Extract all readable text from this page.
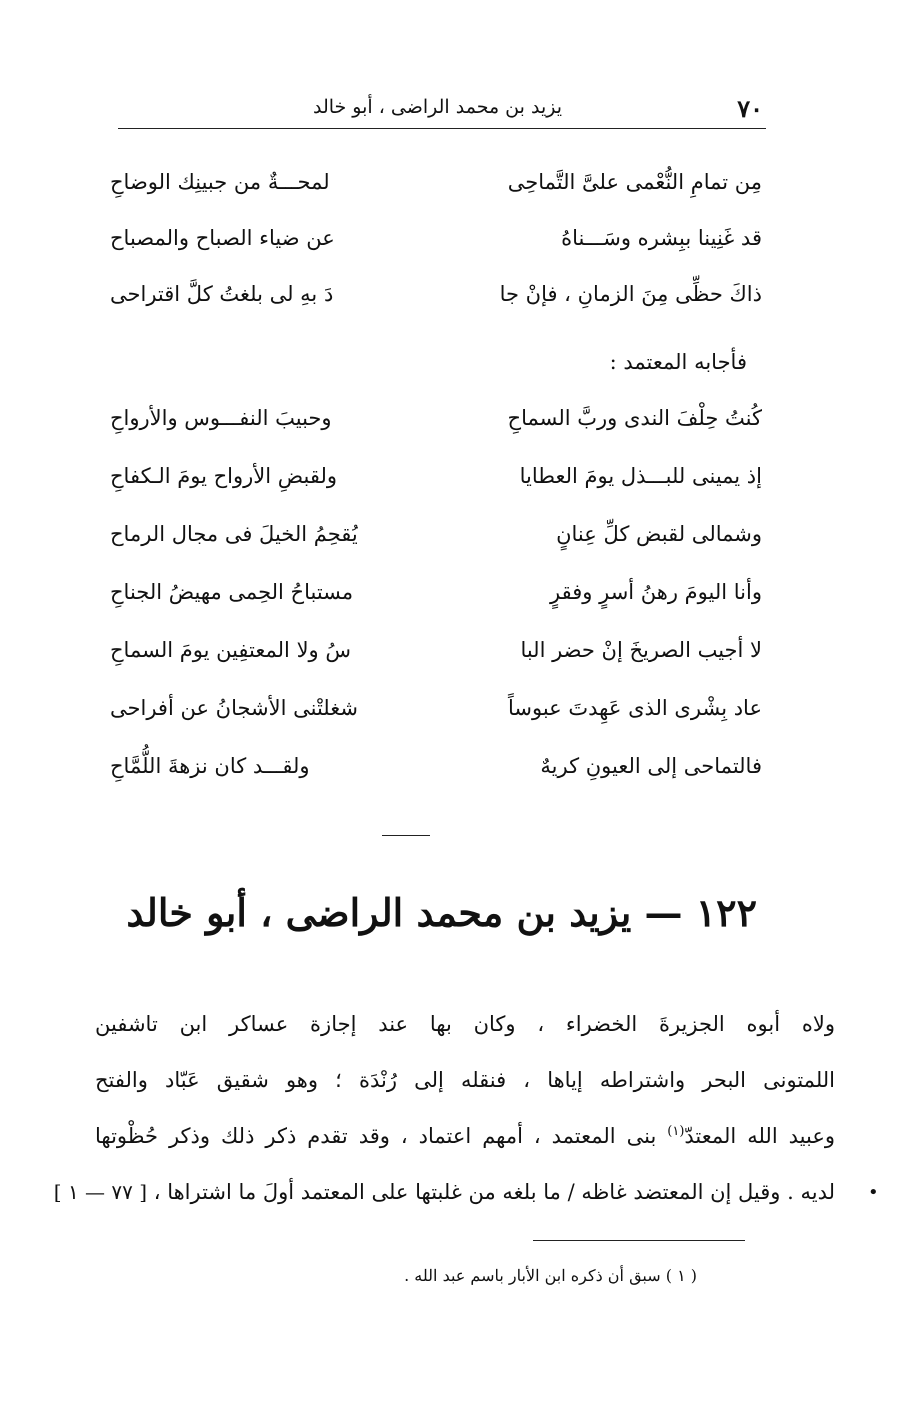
٧٠
يزيد بن محمد الراضى ، أبو خالد
مِن تمامِ النُّعْمى علىَّ التَّماحِى
لمحـــةٌ من جبينِك الوضاحِ
قد غَنِينا ببِشره وسَـــناهُ
عن ضياء الصباح والمصباح
ذاكَ حظِّى مِنَ الزمانِ ، فإنْ جا
دَ بهِ لى بلغتُ كلَّ اقتراحى
فأجابه المعتمد :
كُنتُ حِلْفَ الندى وربَّ السماحِ
وحبيبَ النفـــوس والأرواحِ
إذ يمينى للبـــذل يومَ العطايا
ولقبضِ الأرواح يومَ الـكفاحِ
وشمالى لقبض كلِّ عِنانٍ
يُقحِمُ الخيلَ فى مجال الرماح
وأنا اليومَ رهنُ أسرٍ وفقرٍ
مستباحُ الحِمى مهيضُ الجناحِ
لا أجيب الصريخَ إنْ حضر البا
سُ ولا المعتفِين يومَ السماحِ
عاد بِشْرى الذى عَهِدتَ عبوساً
شغلتْنى الأشجانُ عن أفراحى
فالتماحى إلى العيونِ كريهٌ
ولقـــد كان نزهةَ اللُّمَّاحِ
١٢٢ — يزيد بن محمد الراضى ، أبو خالد
ولاه أبوه الجزيرةَ الخضراء ، وكان بها عند إجازة عساكر ابن تاشفين
اللمتونى البحر واشتراطه إياها ، فنقله إلى رُنْدَة ؛ وهو شقيق عَبّاد والفتح
وعبيد الله المعتدّ$^{(١)}$ بنى المعتمد ، أمهم اعتماد ، وقد تقدم ذكر ذلك وذكر حُظْوتها
لديه . وقيل إن المعتضد غاظه / ما بلغه من غلبتها على المعتمد أولَ ما اشتراها ، [ ٧٧ — ١ ]	•
( ١ ) سبق أن ذكره ابن الأبار باسم عبد الله .
